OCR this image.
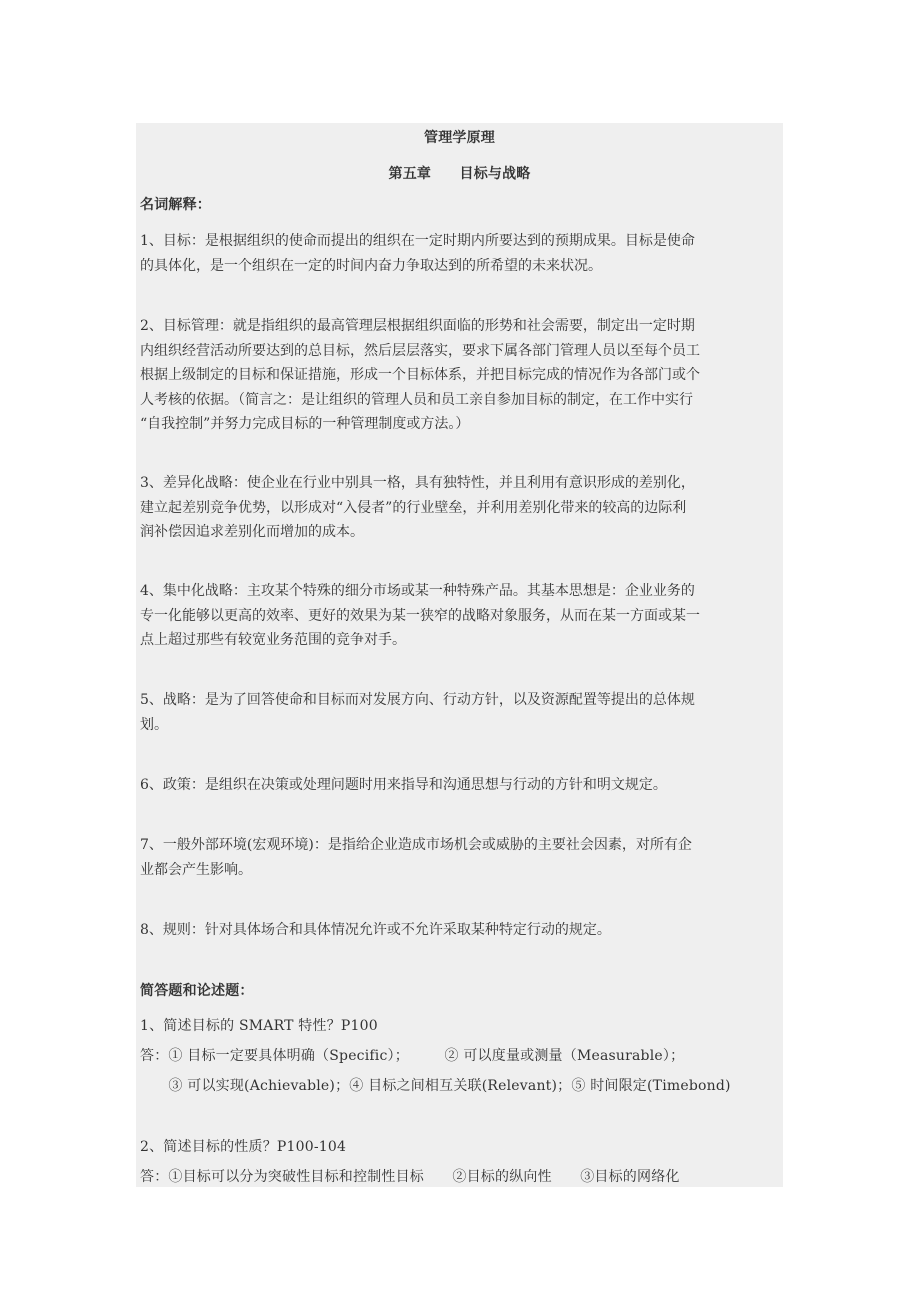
管理学原理
第五章　　目标与战略
名词解释：
1、目标：是根据组织的使命而提出的组织在一定时期内所要达到的预期成果。目标是使命
的具体化，是一个组织在一定的时间内奋力争取达到的所希望的未来状况。
2、目标管理：就是指组织的最高管理层根据组织面临的形势和社会需要，制定出一定时期
内组织经营活动所要达到的总目标，然后层层落实，要求下属各部门管理人员以至每个员工
根据上级制定的目标和保证措施，形成一个目标体系，并把目标完成的情况作为各部门或个
人考核的依据。（简言之：是让组织的管理人员和员工亲自参加目标的制定，在工作中实行
“自我控制”并努力完成目标的一种管理制度或方法。）
3、差异化战略：使企业在行业中别具一格，具有独特性，并且利用有意识形成的差别化，
建立起差别竞争优势，以形成对“入侵者”的行业壁垒，并利用差别化带来的较高的边际利
润补偿因追求差别化而增加的成本。
4、集中化战略：主攻某个特殊的细分市场或某一种特殊产品。其基本思想是：企业业务的
专一化能够以更高的效率、更好的效果为某一狭窄的战略对象服务，从而在某一方面或某一
点上超过那些有较宽业务范围的竞争对手。
5、战略：是为了回答使命和目标而对发展方向、行动方针，以及资源配置等提出的总体规
划。
6、政策：是组织在决策或处理问题时用来指导和沟通思想与行动的方针和明文规定。
7、一般外部环境(宏观环境)：是指给企业造成市场机会或威胁的主要社会因素，对所有企
业都会产生影响。
8、规则：针对具体场合和具体情况允许或不允许采取某种特定行动的规定。
简答题和论述题：
1、简述目标的 SMART 特性？P100
答：① 目标一定要具体明确（Specific）；　　　② 可以度量或测量（Measurable）；
　　③ 可以实现(Achievable)；④ 目标之间相互关联(Relevant)；⑤ 时间限定(Timebond)
2、简述目标的性质？P100-104
答：①目标可以分为突破性目标和控制性目标　　②目标的纵向性　　③目标的网络化
